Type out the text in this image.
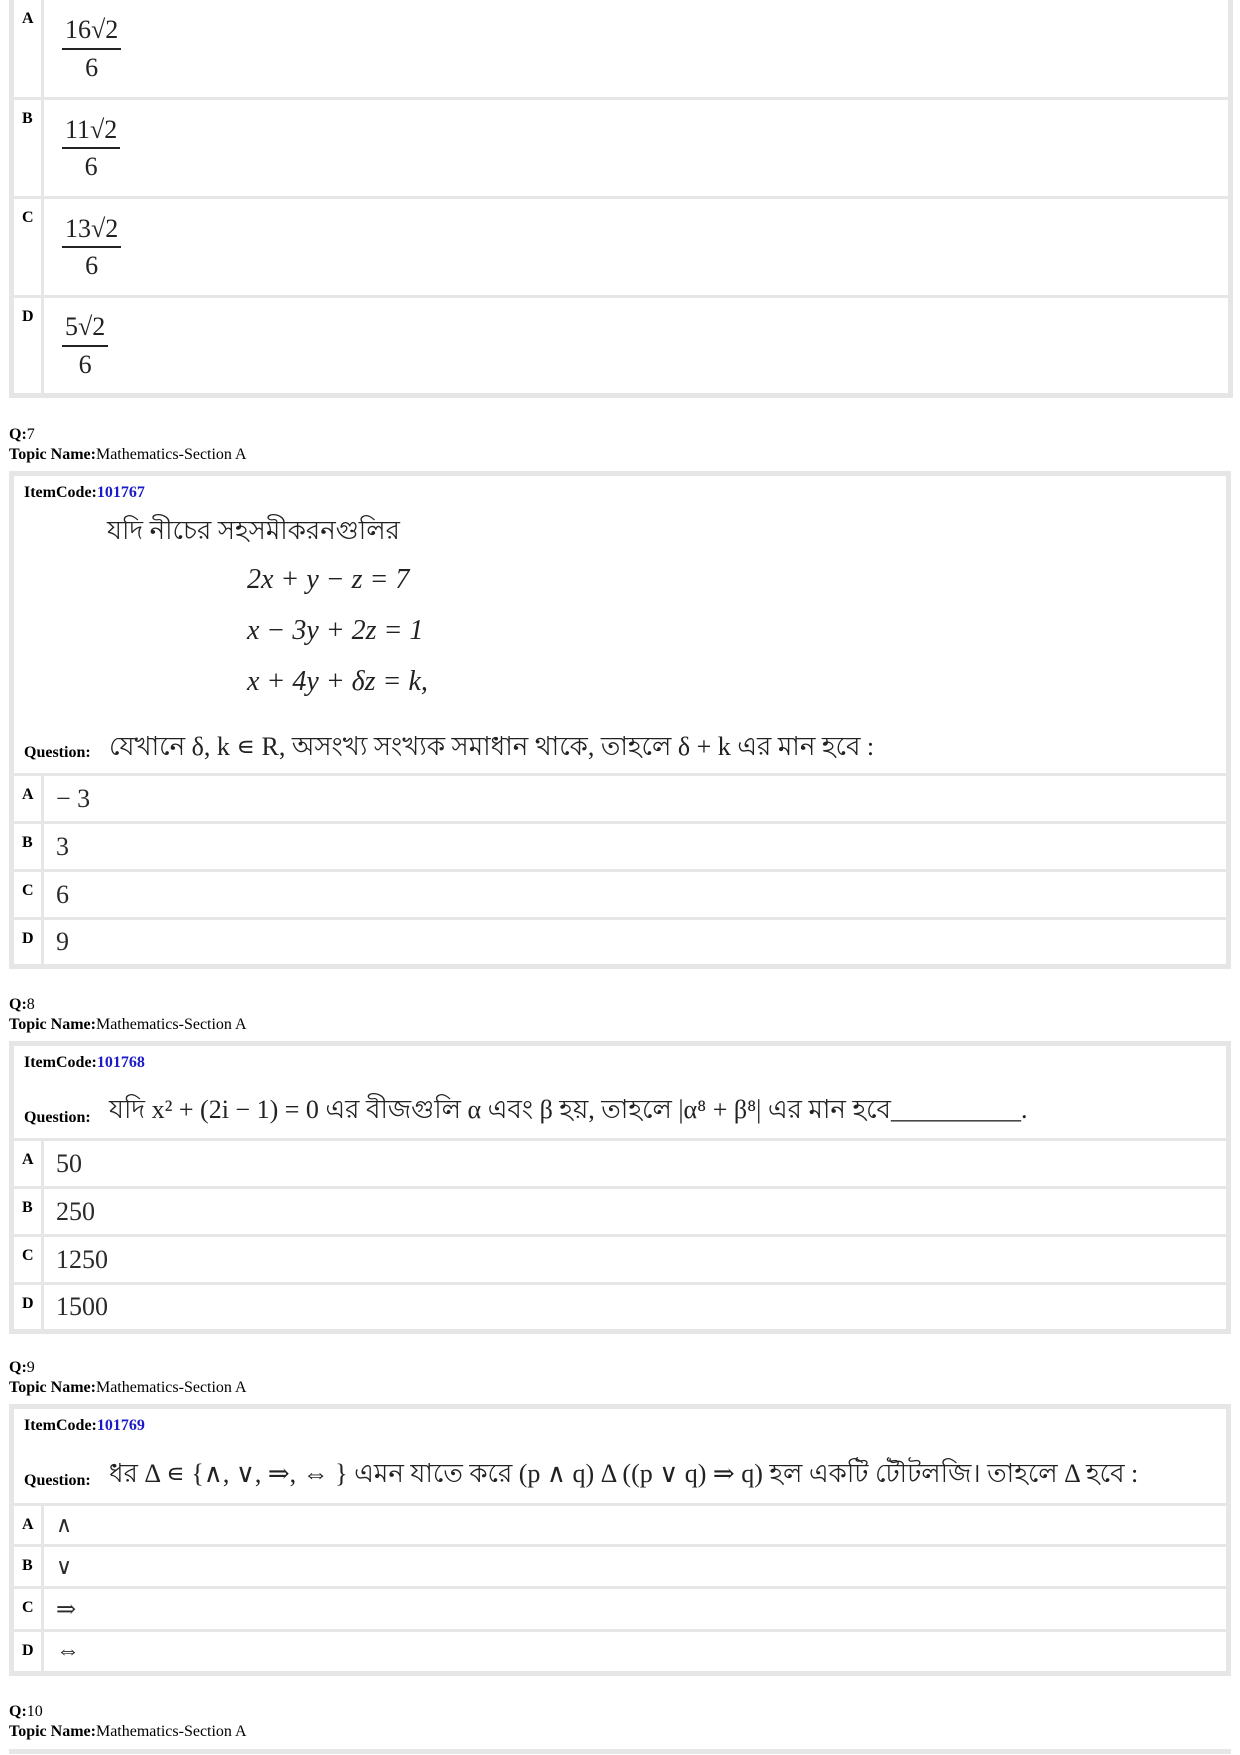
A	$\frac{16√2}{6}$
B	$\frac{11√2}{6}$
C	$\frac{13√2}{6}$
D	$\frac{5√2}{6}$
Q:7
Topic Name:Mathematics-Section A
ItemCode:101767
যদি নীচের সহসমীকরনগুলির
2x + y − z = 7
x − 3y + 2z = 1
x + 4y + δz = k,
Question: যেখানে δ, k ∊ R, অসংখ্য সংখ্যক সমাধান থাকে, তাহলে δ + k এর মান হবে :
A − 3
B 3
C 6
D 9
Q:8
Topic Name:Mathematics-Section A
ItemCode:101768
Question: যদি x² + (2i − 1) = 0 এর বীজগুলি α এবং β হয়, তাহলে |α⁸ + β⁸| এর মান হবে__________.
A 50
B 250
C 1250
D 1500
Q:9
Topic Name:Mathematics-Section A
ItemCode:101769
Question: ধর Δ ∊ {∧, ∨, ⇒, ⇔ } এমন যাতে করে (p ∧ q) Δ ((p ∨ q) ⇒ q) হল একটি টৌটলজি। তাহলে Δ হবে :
A	∧
B	∨
C ⇒
D ⇔
Q:10
Topic Name:Mathematics-Section A
